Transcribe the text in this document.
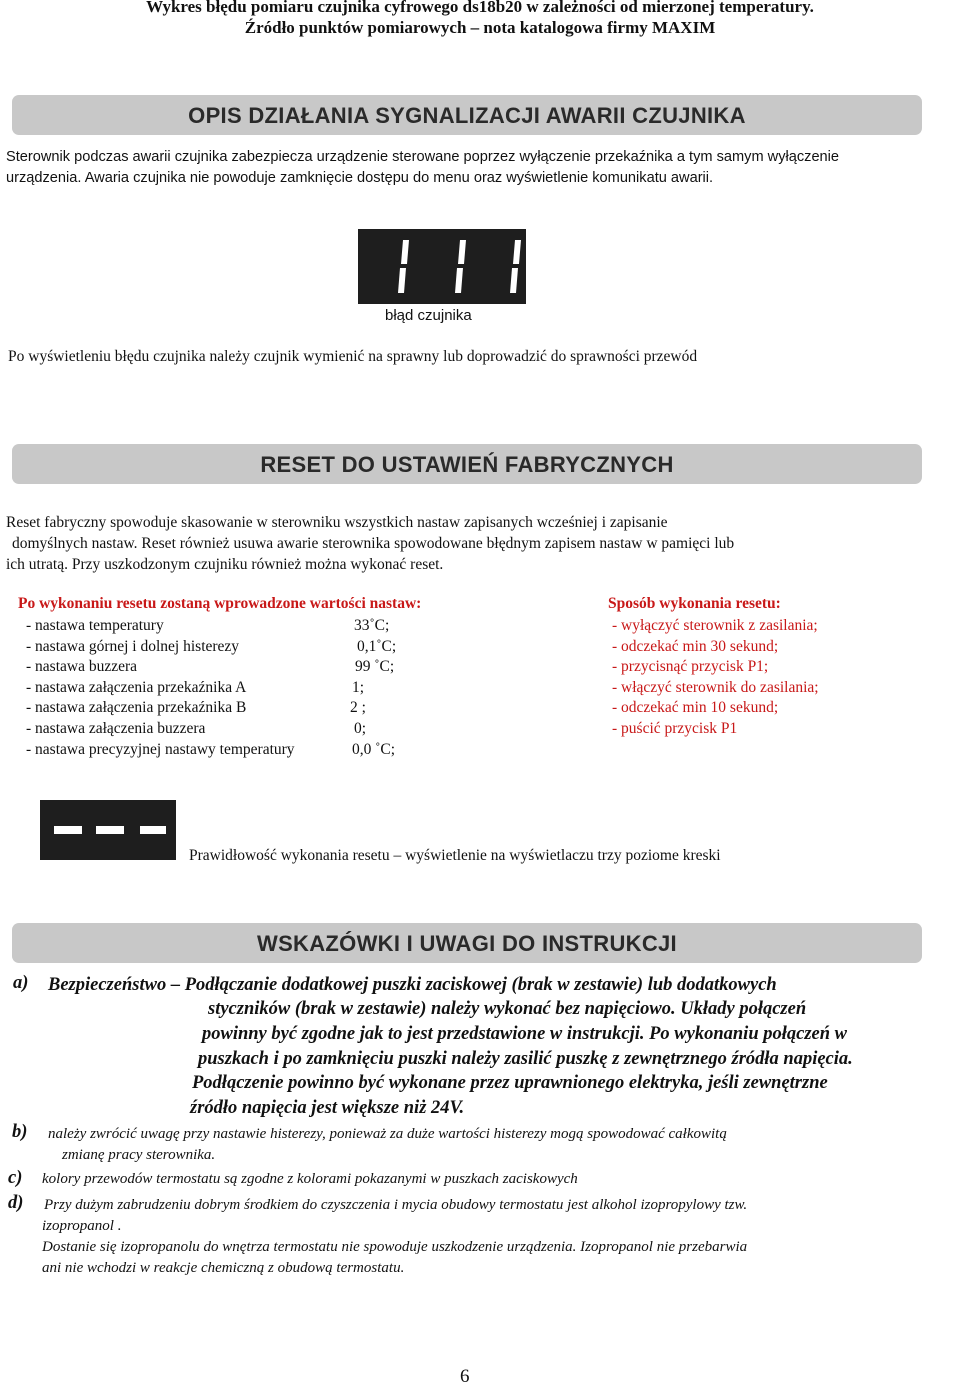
Wykres błędu pomiaru czujnika cyfrowego ds18b20 w zależności od mierzonej temperatury.
Źródło punktów pomiarowych – nota katalogowa firmy MAXIM
OPIS DZIAŁANIA SYGNALIZACJI AWARII CZUJNIKA
Sterownik podczas awarii czujnika zabezpiecza urządzenie sterowane poprzez wyłączenie przekaźnika a tym samym wyłączenie
urządzenia. Awaria czujnika nie powoduje zamknięcie dostępu do menu oraz wyświetlenie komunikatu awarii.
błąd czujnika
Po wyświetleniu błędu czujnika należy czujnik wymienić na sprawny lub doprowadzić do sprawności przewód
RESET DO USTAWIEŃ FABRYCZNYCH
Reset fabryczny spowoduje skasowanie w sterowniku wszystkich nastaw zapisanych wcześniej i zapisanie
domyślnych nastaw. Reset również usuwa awarie sterownika spowodowane błędnym zapisem nastaw w pamięci lub
ich utratą. Przy uszkodzonym czujniku również można wykonać reset.
Po wykonaniu resetu zostaną wprowadzone wartości nastaw:
- nastawa temperatury	33˚C;
- nastawa górnej i dolnej histerezy	0,1˚C;
- nastawa buzzera	99 ˚C;
- nastawa załączenia przekaźnika A	1;
- nastawa załączenia przekaźnika B	2 ;
- nastawa załączenia buzzera	0;
- nastawa precyzyjnej nastawy temperatury	0,0 ˚C;
Sposób wykonania resetu:
- wyłączyć sterownik z zasilania;
- odczekać min 30 sekund;
- przycisnąć przycisk P1;
- włączyć sterownik do zasilania;
- odczekać min 10 sekund;
- puścić przycisk P1
Prawidłowość wykonania resetu – wyświetlenie na wyświetlaczu trzy poziome kreski
WSKAZÓWKI I UWAGI DO INSTRUKCJI
a) Bezpieczeństwo – Podłączanie dodatkowej puszki zaciskowej (brak w zestawie) lub dodatkowych
styczników (brak w zestawie) należy wykonać bez napięciowo. Układy połączeń
powinny być zgodne jak to jest przedstawione w instrukcji. Po wykonaniu połączeń w
puszkach i po zamknięciu puszki należy zasilić puszkę z zewnętrznego źródła napięcia.
Podłączenie powinno być wykonane przez uprawnionego elektryka, jeśli zewnętrzne
źródło napięcia jest większe niż 24V.
b) należy zwrócić uwagę przy nastawie histerezy, ponieważ za duże wartości histerezy mogą spowodować całkowitą
zmianę pracy sterownika.
c) kolory przewodów termostatu są zgodne z kolorami pokazanymi w puszkach zaciskowych
d) Przy dużym zabrudzeniu dobrym środkiem do czyszczenia i mycia obudowy termostatu jest alkohol izopropylowy tzw.
izopropanol .
Dostanie się izopropanolu do wnętrza termostatu nie spowoduje uszkodzenie urządzenia. Izopropanol nie przebarwia
ani nie wchodzi w reakcje chemiczną z obudową termostatu.
6
